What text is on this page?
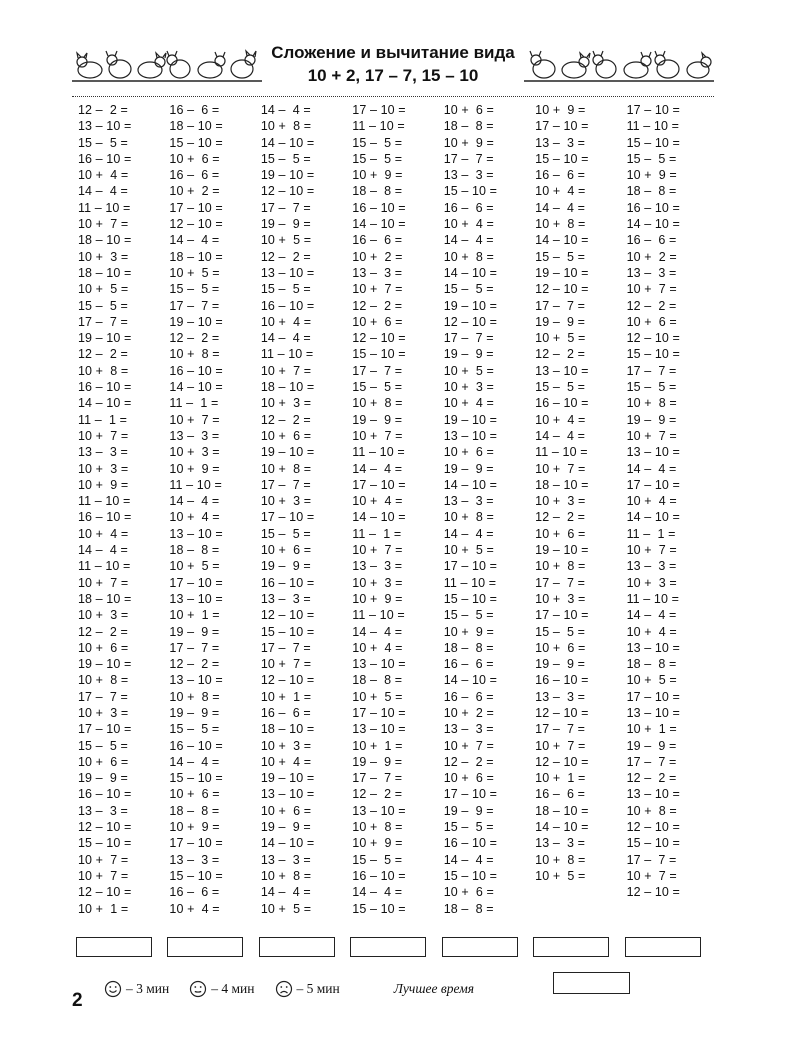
Сложение и вычитание вида
10 + 2, 17 – 7, 15 – 10
12 –  2 =
13 – 10 =
15 –  5 =
16 – 10 =
10 +  4 =
14 –  4 =
11 – 10 =
10 +  7 =
18 – 10 =
10 +  3 =
18 – 10 =
10 +  5 =
15 –  5 =
17 –  7 =
19 – 10 =
12 –  2 =
10 +  8 =
16 – 10 =
14 – 10 =
11 –  1 =
10 +  7 =
13 –  3 =
10 +  3 =
10 +  9 =
11 – 10 =
16 – 10 =
10 +  4 =
14 –  4 =
11 – 10 =
10 +  7 =
18 – 10 =
10 +  3 =
12 –  2 =
10 +  6 =
19 – 10 =
10 +  8 =
17 –  7 =
10 +  3 =
17 – 10 =
15 –  5 =
10 +  6 =
19 –  9 =
16 – 10 =
13 –  3 =
12 – 10 =
15 – 10 =
10 +  7 =
10 +  7 =
12 – 10 =
10 +  1 =
16 –  6 =
18 – 10 =
15 – 10 =
10 +  6 =
16 –  6 =
10 +  2 =
17 – 10 =
12 – 10 =
14 –  4 =
18 – 10 =
10 +  5 =
15 –  5 =
17 –  7 =
19 – 10 =
12 –  2 =
10 +  8 =
16 – 10 =
14 – 10 =
11 –  1 =
10 +  7 =
13 –  3 =
10 +  3 =
10 +  9 =
11 – 10 =
14 –  4 =
10 +  4 =
13 – 10 =
18 –  8 =
10 +  5 =
17 – 10 =
13 – 10 =
10 +  1 =
19 –  9 =
17 –  7 =
12 –  2 =
13 – 10 =
10 +  8 =
19 –  9 =
15 –  5 =
16 – 10 =
14 –  4 =
15 – 10 =
10 +  6 =
18 –  8 =
10 +  9 =
17 – 10 =
13 –  3 =
15 – 10 =
16 –  6 =
10 +  4 =
14 –  4 =
10 +  8 =
14 – 10 =
15 –  5 =
19 – 10 =
12 – 10 =
17 –  7 =
19 –  9 =
10 +  5 =
12 –  2 =
13 – 10 =
15 –  5 =
16 – 10 =
10 +  4 =
14 –  4 =
11 – 10 =
10 +  7 =
18 – 10 =
10 +  3 =
12 –  2 =
10 +  6 =
19 – 10 =
10 +  8 =
17 –  7 =
10 +  3 =
17 – 10 =
15 –  5 =
10 +  6 =
19 –  9 =
16 – 10 =
13 –  3 =
12 – 10 =
15 – 10 =
17 –  7 =
10 +  7 =
12 – 10 =
10 +  1 =
16 –  6 =
18 – 10 =
10 +  3 =
10 +  4 =
19 – 10 =
13 – 10 =
10 +  6 =
19 –  9 =
14 – 10 =
13 –  3 =
10 +  8 =
14 –  4 =
10 +  5 =
17 – 10 =
11 – 10 =
15 –  5 =
15 –  5 =
10 +  9 =
18 –  8 =
16 – 10 =
14 – 10 =
16 –  6 =
10 +  2 =
13 –  3 =
10 +  7 =
12 –  2 =
10 +  6 =
12 – 10 =
15 – 10 =
17 –  7 =
15 –  5 =
10 +  8 =
19 –  9 =
10 +  7 =
11 – 10 =
14 –  4 =
17 – 10 =
10 +  4 =
14 – 10 =
11 –  1 =
10 +  7 =
13 –  3 =
10 +  3 =
10 +  9 =
11 – 10 =
14 –  4 =
10 +  4 =
13 – 10 =
18 –  8 =
10 +  5 =
17 – 10 =
13 – 10 =
10 +  1 =
19 –  9 =
17 –  7 =
12 –  2 =
13 – 10 =
10 +  8 =
10 +  9 =
15 –  5 =
16 – 10 =
14 –  4 =
15 – 10 =
10 +  6 =
18 –  8 =
10 +  9 =
17 –  7 =
13 –  3 =
15 – 10 =
16 –  6 =
10 +  4 =
14 –  4 =
10 +  8 =
14 – 10 =
15 –  5 =
19 – 10 =
12 – 10 =
17 –  7 =
19 –  9 =
10 +  5 =
10 +  3 =
10 +  4 =
19 – 10 =
13 – 10 =
10 +  6 =
19 –  9 =
14 – 10 =
13 –  3 =
10 +  8 =
14 –  4 =
10 +  5 =
17 – 10 =
11 – 10 =
15 – 10 =
15 –  5 =
10 +  9 =
18 –  8 =
16 –  6 =
14 – 10 =
16 –  6 =
10 +  2 =
13 –  3 =
10 +  7 =
12 –  2 =
10 +  6 =
17 – 10 =
19 –  9 =
15 –  5 =
16 – 10 =
14 –  4 =
15 – 10 =
10 +  6 =
18 –  8 =
10 +  9 =
17 – 10 =
13 –  3 =
15 – 10 =
16 –  6 =
10 +  4 =
14 –  4 =
10 +  8 =
14 – 10 =
15 –  5 =
19 – 10 =
12 – 10 =
17 –  7 =
19 –  9 =
10 +  5 =
12 –  2 =
13 – 10 =
15 –  5 =
16 – 10 =
10 +  4 =
14 –  4 =
11 – 10 =
10 +  7 =
18 – 10 =
10 +  3 =
12 –  2 =
10 +  6 =
19 – 10 =
10 +  8 =
17 –  7 =
10 +  3 =
17 – 10 =
15 –  5 =
10 +  6 =
19 –  9 =
16 – 10 =
13 –  3 =
12 – 10 =
17 –  7 =
10 +  7 =
12 – 10 =
10 +  1 =
16 –  6 =
18 – 10 =
14 – 10 =
13 –  3 =
10 +  8 =
10 +  5 =
17 – 10 =
11 – 10 =
15 – 10 =
15 –  5 =
10 +  9 =
18 –  8 =
16 – 10 =
14 – 10 =
16 –  6 =
10 +  2 =
13 –  3 =
10 +  7 =
12 –  2 =
10 +  6 =
12 – 10 =
15 – 10 =
17 –  7 =
15 –  5 =
10 +  8 =
19 –  9 =
10 +  7 =
13 – 10 =
14 –  4 =
17 – 10 =
10 +  4 =
14 – 10 =
11 –  1 =
10 +  7 =
13 –  3 =
10 +  3 =
11 – 10 =
14 –  4 =
10 +  4 =
13 – 10 =
18 –  8 =
10 +  5 =
17 – 10 =
13 – 10 =
10 +  1 =
19 –  9 =
17 –  7 =
12 –  2 =
13 – 10 =
10 +  8 =
12 – 10 =
15 – 10 =
17 –  7 =
10 +  7 =
12 – 10 =
– 3 мин	– 4 мин	– 5 мин	Лучшее время
2
